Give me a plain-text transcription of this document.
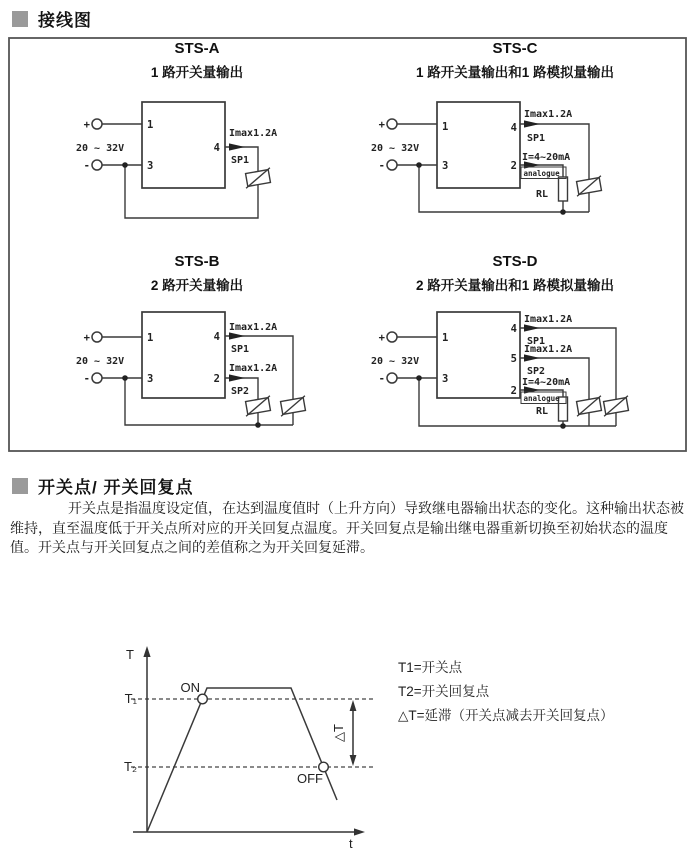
接线图
STS-A
1 路开关量输出
+
-
20 ~ 32V
1
3
4
Imax1.2A
SP1
STS-C
1 路开关量输出和1 路模拟量输出
+
-
20 ~ 32V
1
3
4
2
Imax1.2A
SP1
I=4~20mA
analogue
RL
STS-B
2 路开关量输出
+
-
20 ~ 32V
1
3
4
2
Imax1.2A
SP1
Imax1.2A
SP2
STS-D
2 路开关量输出和1 路模拟量输出
+
-
20 ~ 32V
1
3
4
5
2
Imax1.2A
SP1
Imax1.2A
SP2
I=4~20mA
analogue
RL
开关点/ 开关回复点
开关点是指温度设定值，在达到温度值时（上升方向）导致继电器输出状态的变化。这种输出状态被
维持，直至温度低于开关点所对应的开关回复点温度。开关回复点是输出继电器重新切换至初始状态的温度
值。开关点与开关回复点之间的差值称之为开关回复延滞。
T
t
T₁
T₂
ON
OFF
△T
T1=开关点
T2=开关回复点
△T=延滞（开关点减去开关回复点）
